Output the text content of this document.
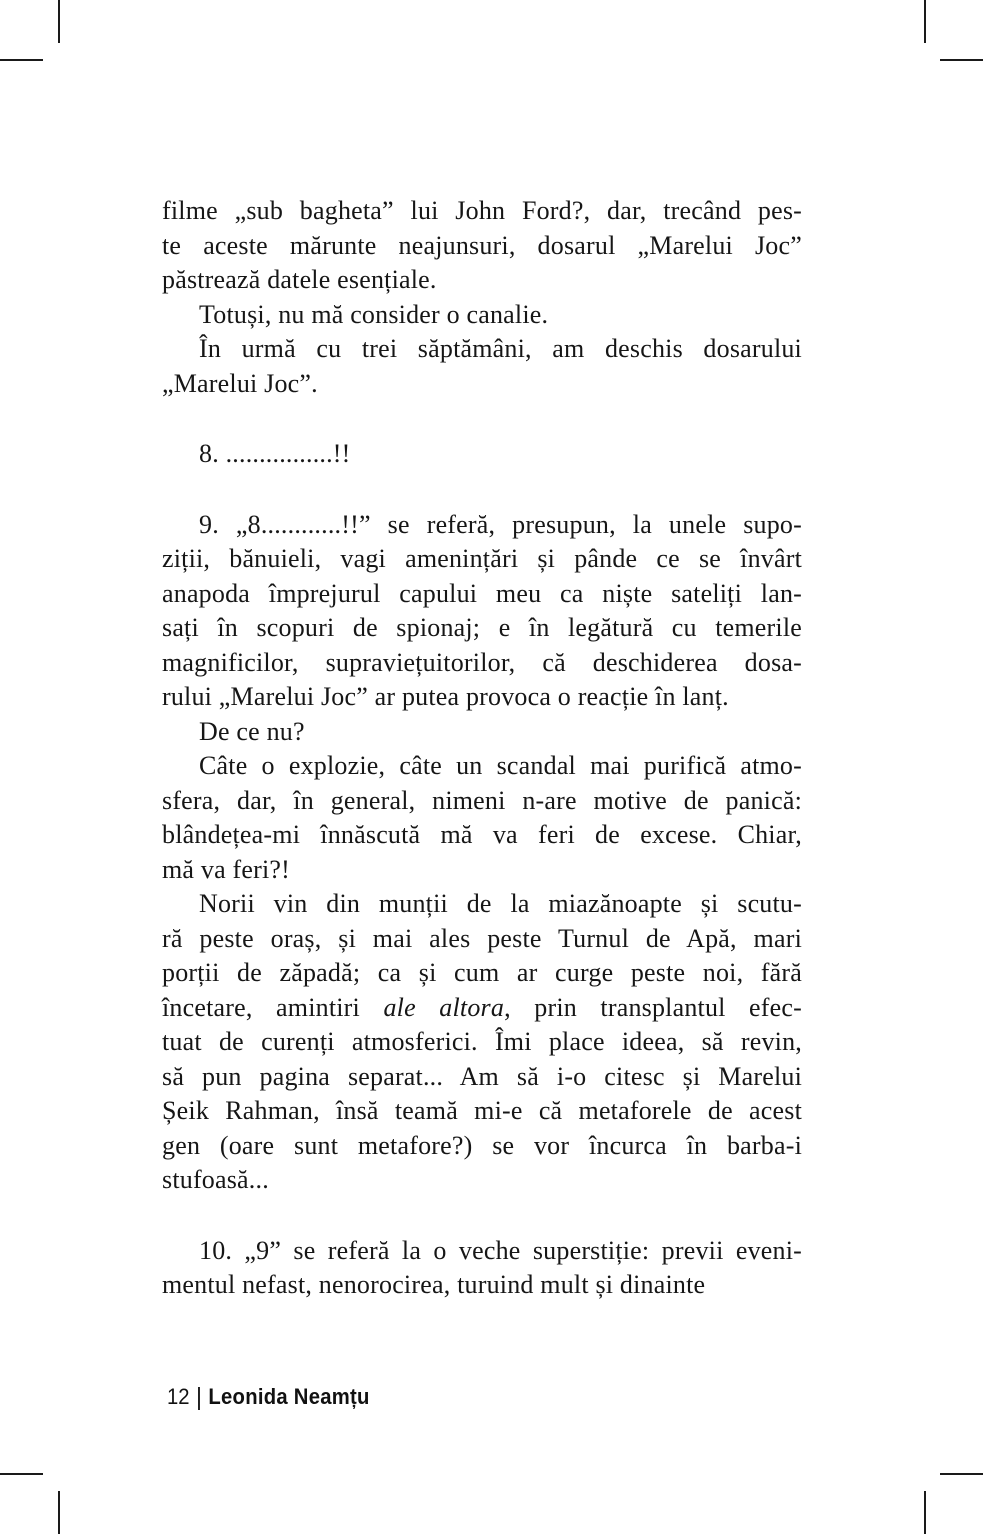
filme „sub bagheta” lui John Ford?, dar, trecând pes-
te aceste mărunte neajunsuri, dosarul „Marelui Joc”
păstrează datele esențiale.
Totuși, nu mă consider o canalie.
În urmă cu trei săptămâni, am deschis dosarului
„Marelui Joc”.
8. ................!!
9. „8............!!” se referă, presupun, la unele supo-
ziții, bănuieli, vagi amenințări și pânde ce se învârt
anapoda împrejurul capului meu ca niște sateliți lan-
sați în scopuri de spionaj; e în legătură cu temerile
magnificilor, supraviețuitorilor, că deschiderea dosa-
rului „Marelui Joc” ar putea provoca o reacție în lanț.
De ce nu?
Câte o explozie, câte un scandal mai purifică atmo-
sfera, dar, în general, nimeni n-are motive de panică:
blândețea-mi înnăscută mă va feri de excese. Chiar,
mă va feri?!
Norii vin din munții de la miazănoapte și scutu-
ră peste oraș, și mai ales peste Turnul de Apă, mari
porții de zăpadă; ca și cum ar curge peste noi, fără
încetare, amintiri ale altora, prin transplantul efec-
tuat de curenți atmosferici. Îmi place ideea, să revin,
să pun pagina separat... Am să i-o citesc și Marelui
Șeik Rahman, însă teamă mi-e că metaforele de acest
gen (oare sunt metafore?) se vor încurca în barba-i
stufoasă...
10. „9” se referă la o veche superstiție: previi eveni-
mentul nefast, nenorocirea, turuind mult și dinainte
12 | Leonida Neamțu
